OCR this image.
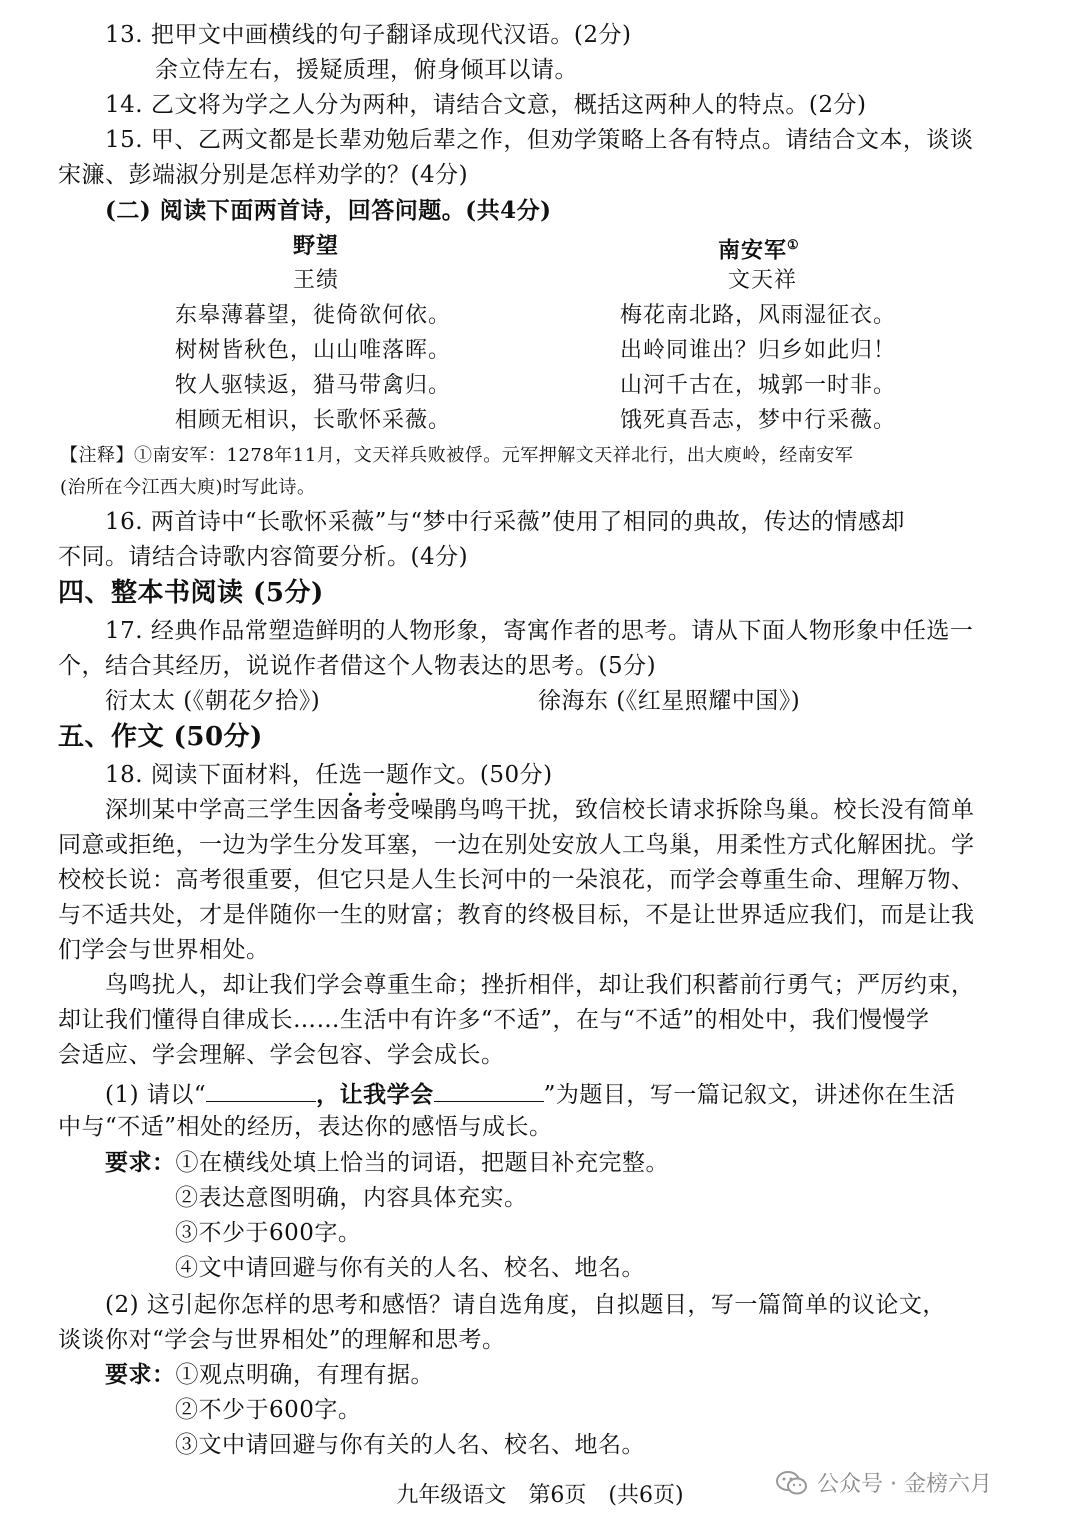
13. 把甲文中画横线的句子翻译成现代汉语。(2分)
余立侍左右，援疑质理，俯身倾耳以请。
14. 乙文将为学之人分为两种，请结合文意，概括这两种人的特点。(2分)
15. 甲、乙两文都是长辈劝勉后辈之作，但劝学策略上各有特点。请结合文本，谈谈
宋濂、彭端淑分别是怎样劝学的？(4分)
(二) 阅读下面两首诗，回答问题。(共4分)
野望
王绩
东皋薄暮望，徙倚欲何依。
树树皆秋色，山山唯落晖。
牧人驱犊返，猎马带禽归。
相顾无相识，长歌怀采薇。
南安军①
文天祥
梅花南北路，风雨湿征衣。
出岭同谁出？归乡如此归！
山河千古在，城郭一时非。
饿死真吾志，梦中行采薇。
【注释】①南安军：1278年11月，文天祥兵败被俘。元军押解文天祥北行，出大庾岭，经南安军
(治所在今江西大庾)时写此诗。
16. 两首诗中“长歌怀采薇”与“梦中行采薇”使用了相同的典故，传达的情感却
不同。请结合诗歌内容简要分析。(4分)
四、整本书阅读 (5分)
17. 经典作品常塑造鲜明的人物形象，寄寓作者的思考。请从下面人物形象中任选一
个，结合其经历，说说作者借这个人物表达的思考。(5分)
衍太太 (《朝花夕拾》)	徐海东 (《红星照耀中国》)
五、作文 (50分)
18. 阅读下面材料，任选一题作文。(50分)
深圳某中学高三学生因备考受噪鹃鸟鸣干扰，致信校长请求拆除鸟巢。校长没有简单
同意或拒绝，一边为学生分发耳塞，一边在别处安放人工鸟巢，用柔性方式化解困扰。学
校校长说：高考很重要，但它只是人生长河中的一朵浪花，而学会尊重生命、理解万物、
与不适共处，才是伴随你一生的财富；教育的终极目标，不是让世界适应我们，而是让我
们学会与世界相处。
鸟鸣扰人，却让我们学会尊重生命；挫折相伴，却让我们积蓄前行勇气；严厉约束，
却让我们懂得自律成长……生活中有许多“不适”，在与“不适”的相处中，我们慢慢学
会适应、学会理解、学会包容、学会成长。
(1) 请以“	，让我学会	”为题目，写一篇记叙文，讲述你在生活
中与“不适”相处的经历，表达你的感悟与成长。
要求：①在横线处填上恰当的词语，把题目补充完整。
②表达意图明确，内容具体充实。
③不少于600字。
④文中请回避与你有关的人名、校名、地名。
(2) 这引起你怎样的思考和感悟？请自选角度，自拟题目，写一篇简单的议论文，
谈谈你对“学会与世界相处”的理解和思考。
要求：①观点明确，有理有据。
②不少于600字。
③文中请回避与你有关的人名、校名、地名。
九年级语文　第6页　(共6页)	公众号 · 金榜六月
